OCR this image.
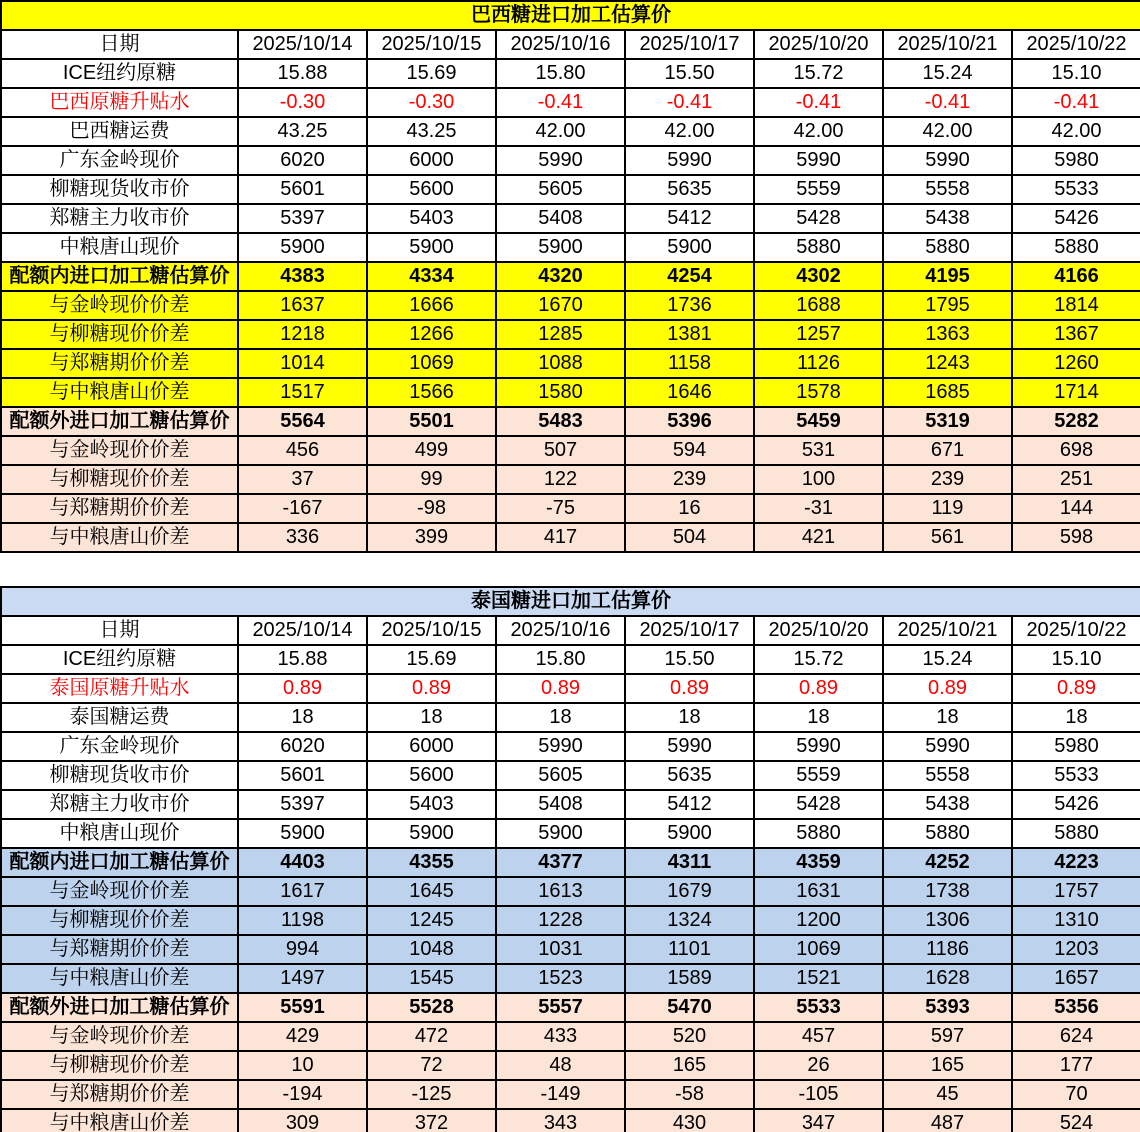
巴西糖进口加工估算价							
日期	2025/10/14	2025/10/15	2025/10/16	2025/10/17	2025/10/20	2025/10/21	2025/10/22
ICE纽约原糖	15.88	15.69	15.80	15.50	15.72	15.24	15.10
巴西原糖升贴水	-0.30	-0.30	-0.41	-0.41	-0.41	-0.41	-0.41
巴西糖运费	43.25	43.25	42.00	42.00	42.00	42.00	42.00
广东金岭现价	6020	6000	5990	5990	5990	5990	5980
柳糖现货收市价	5601	5600	5605	5635	5559	5558	5533
郑糖主力收市价	5397	5403	5408	5412	5428	5438	5426
中粮唐山现价	5900	5900	5900	5900	5880	5880	5880
配额内进口加工糖估算价	4383	4334	4320	4254	4302	4195	4166
与金岭现价价差	1637	1666	1670	1736	1688	1795	1814
与柳糖现价价差	1218	1266	1285	1381	1257	1363	1367
与郑糖期价价差	1014	1069	1088	1158	1126	1243	1260
与中粮唐山价差	1517	1566	1580	1646	1578	1685	1714
配额外进口加工糖估算价	5564	5501	5483	5396	5459	5319	5282
与金岭现价价差	456	499	507	594	531	671	698
与柳糖现价价差	37	99	122	239	100	239	251
与郑糖期价价差	-167	-98	-75	16	-31	119	144
与中粮唐山价差	336	399	417	504	421	561	598
泰国糖进口加工估算价							
日期	2025/10/14	2025/10/15	2025/10/16	2025/10/17	2025/10/20	2025/10/21	2025/10/22
ICE纽约原糖	15.88	15.69	15.80	15.50	15.72	15.24	15.10
泰国原糖升贴水	0.89	0.89	0.89	0.89	0.89	0.89	0.89
泰国糖运费	18	18	18	18	18	18	18
广东金岭现价	6020	6000	5990	5990	5990	5990	5980
柳糖现货收市价	5601	5600	5605	5635	5559	5558	5533
郑糖主力收市价	5397	5403	5408	5412	5428	5438	5426
中粮唐山现价	5900	5900	5900	5900	5880	5880	5880
配额内进口加工糖估算价	4403	4355	4377	4311	4359	4252	4223
与金岭现价价差	1617	1645	1613	1679	1631	1738	1757
与柳糖现价价差	1198	1245	1228	1324	1200	1306	1310
与郑糖期价价差	994	1048	1031	1101	1069	1186	1203
与中粮唐山价差	1497	1545	1523	1589	1521	1628	1657
配额外进口加工糖估算价	5591	5528	5557	5470	5533	5393	5356
与金岭现价价差	429	472	433	520	457	597	624
与柳糖现价价差	10	72	48	165	26	165	177
与郑糖期价价差	-194	-125	-149	-58	-105	45	70
与中粮唐山价差	309	372	343	430	347	487	524
